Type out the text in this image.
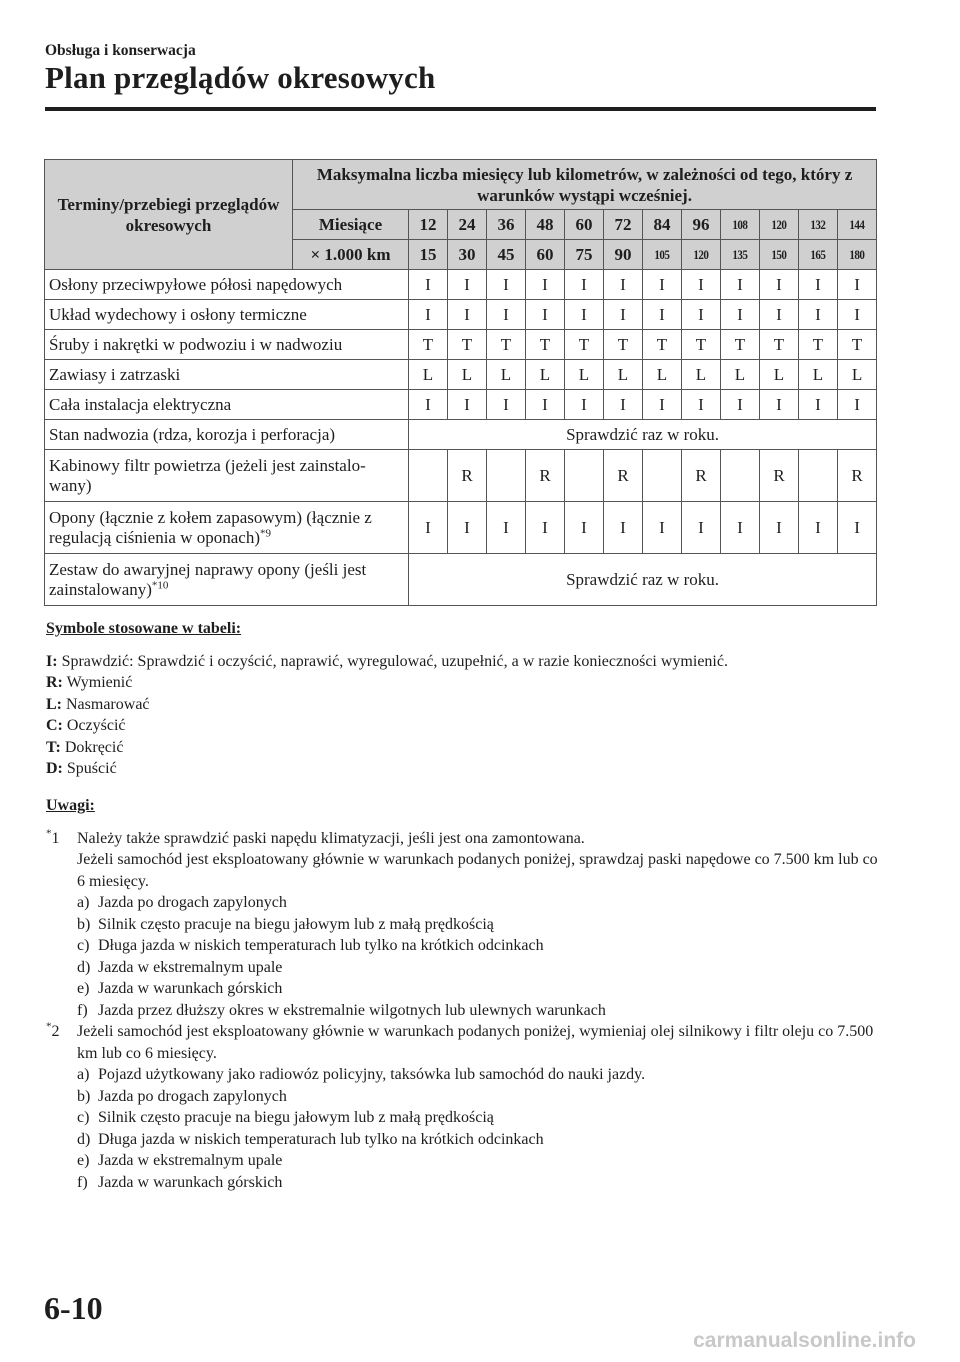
Obsługa i konserwacja
Plan przeglądów okresowych
Terminy/przebiegi przeglądów okresowych	Maksymalna liczba miesięcy lub kilometrów, w zależności od tego, który z warunków wystąpi wcześniej.												
	Miesiące	12	24	36	48	60	72	84	96	108	120	132	144
	× 1.000 km	15	30	45	60	75	90	105	120	135	150	165	180
Osłony przeciwpyłowe półosi napędowych		I	I	I	I	I	I	I	I	I	I	I	I
Układ wydechowy i osłony termiczne		I	I	I	I	I	I	I	I	I	I	I	I
Śruby i nakrętki w podwoziu i w nadwoziu		T	T	T	T	T	T	T	T	T	T	T	T
Zawiasy i zatrzaski		L	L	L	L	L	L	L	L	L	L	L	L
Cała instalacja elektryczna		I	I	I	I	I	I	I	I	I	I	I	I
Stan nadwozia (rdza, korozja i perforacja)		Sprawdzić raz w roku.											
Kabinowy filtr powietrza (jeżeli jest zainstalo-wany)			R		R		R		R		R		R
Opony (łącznie z kołem zapasowym) (łącznie z regulacją ciśnienia w oponach)$^{*9}$		I	I	I	I	I	I	I	I	I	I	I	I
Zestaw do awaryjnej naprawy opony (jeśli jest zainstalowany)$^{*10}$		Sprawdzić raz w roku.											
Symbole stosowane w tabeli:
I: Sprawdzić: Sprawdzić i oczyścić, naprawić, wyregulować, uzupełnić, a w razie konieczności wymienić.
R: Wymienić
L: Nasmarować
C: Oczyścić
T: Dokręcić
D: Spuścić
Uwagi:
*1 Należy także sprawdzić paski napędu klimatyzacji, jeśli jest ona zamontowana.
Jeżeli samochód jest eksploatowany głównie w warunkach podanych poniżej, sprawdzaj paski napędowe co 7.500 km lub co 6 miesięcy.
a) Jazda po drogach zapylonych
b) Silnik często pracuje na biegu jałowym lub z małą prędkością
c) Długa jazda w niskich temperaturach lub tylko na krótkich odcinkach
d) Jazda w ekstremalnym upale
e) Jazda w warunkach górskich
f) Jazda przez dłuższy okres w ekstremalnie wilgotnych lub ulewnych warunkach
*2 Jeżeli samochód jest eksploatowany głównie w warunkach podanych poniżej, wymieniaj olej silnikowy i filtr oleju co 7.500 km lub co 6 miesięcy.
a) Pojazd użytkowany jako radiowóz policyjny, taksówka lub samochód do nauki jazdy.
b) Jazda po drogach zapylonych
c) Silnik często pracuje na biegu jałowym lub z małą prędkością
d) Długa jazda w niskich temperaturach lub tylko na krótkich odcinkach
e) Jazda w ekstremalnym upale
f) Jazda w warunkach górskich
6-10
carmanualsonline.info
